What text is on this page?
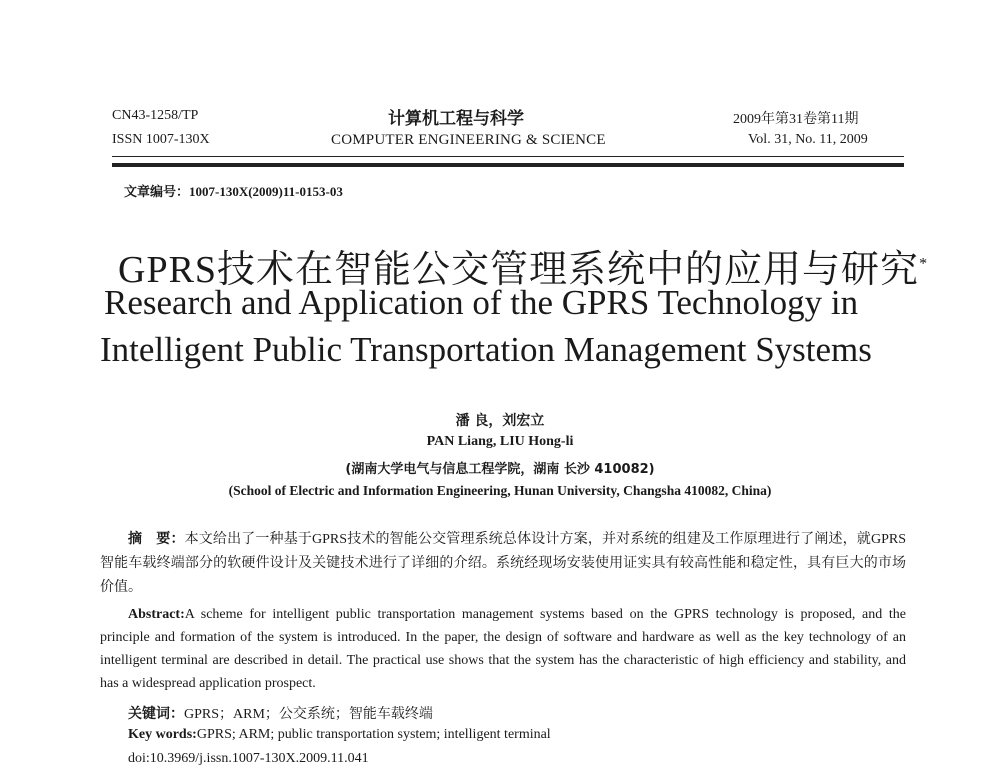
CN43-1258/TP
ISSN 1007-130X
计算机工程与科学
COMPUTER ENGINEERING & SCIENCE
2009年第31卷第11期
Vol. 31, No. 11, 2009
文章编号：1007-130X(2009)11-0153-03
GPRS技术在智能公交管理系统中的应用与研究*
Research and Application of the GPRS Technology in
Intelligent Public Transportation Management Systems
潘 良，刘宏立
PAN Liang, LIU Hong-li
(湖南大学电气与信息工程学院，湖南 长沙 410082)
(School of Electric and Information Engineering, Hunan University, Changsha 410082, China)
摘　要：本文给出了一种基于GPRS技术的智能公交管理系统总体设计方案，并对系统的组建及工作原理进行了阐述，就GPRS智能车载终端部分的软硬件设计及关键技术进行了详细的介绍。系统经现场安装使用证实具有较高性能和稳定性，具有巨大的市场价值。
Abstract:A scheme for intelligent public transportation management systems based on the GPRS technology is proposed, and the principle and formation of the system is introduced. In the paper, the design of software and hardware as well as the key technology of an intelligent terminal are described in detail. The practical use shows that the system has the characteristic of high efficiency and stability, and has a widespread application prospect.
关键词：GPRS；ARM；公交系统；智能车载终端
Key words:GPRS; ARM; public transportation system; intelligent terminal
doi:10.3969/j.issn.1007-130X.2009.11.041
